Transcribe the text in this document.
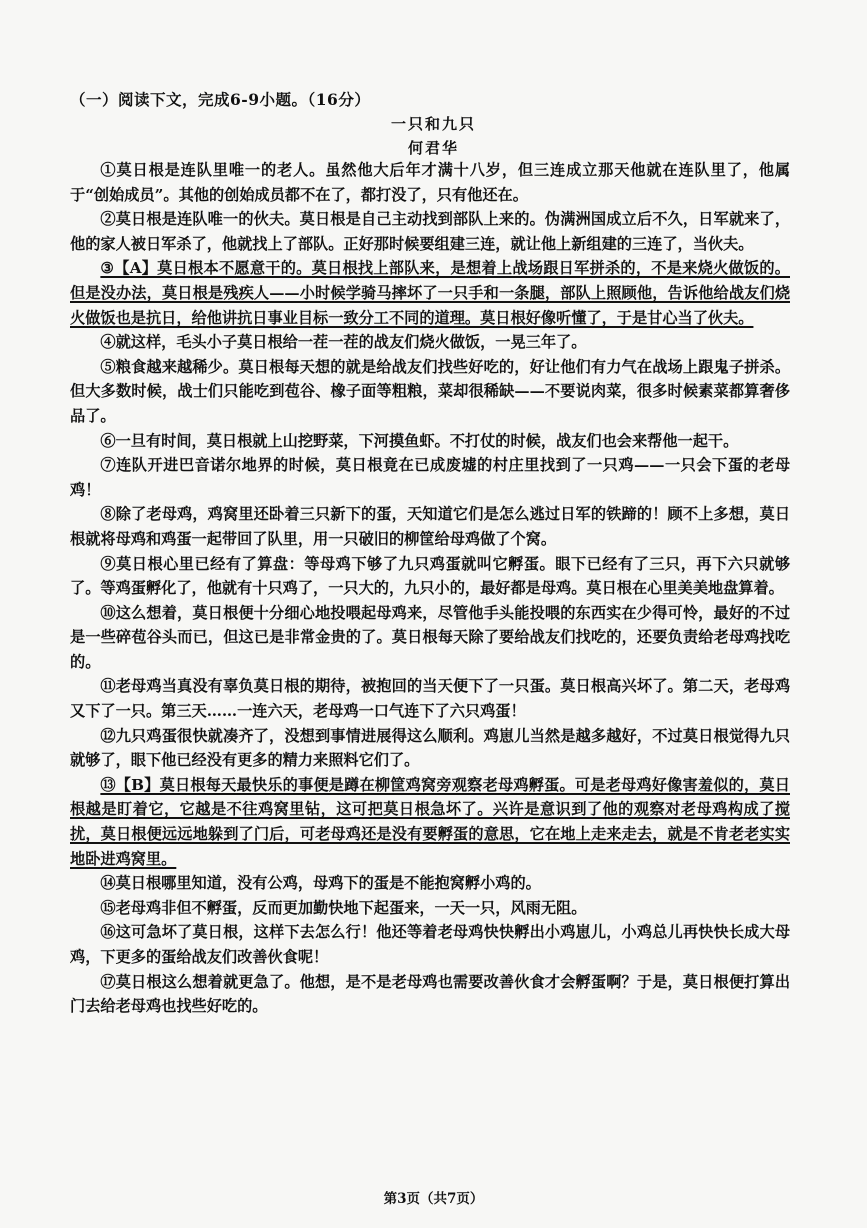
（一）阅读下文，完成6-9小题。（16分）
一只和九只
何君华

①莫日根是连队里唯一的老人。虽然他大后年才满十八岁，但三连成立那天他就在连队里了，他属于“创始成员”。其他的创始成员都不在了，都打没了，只有他还在。

②莫日根是连队唯一的伙夫。莫日根是自己主动找到部队上来的。伪满洲国成立后不久，日军就来了，他的家人被日军杀了，他就找上了部队。正好那时候要组建三连，就让他上新组建的三连了，当伙夫。

③【A】莫日根本不愿意干的。莫日根找上部队来，是想着上战场跟日军拼杀的，不是来烧火做饭的。但是没办法，莫日根是残疾人——小时候学骑马摔坏了一只手和一条腿，部队上照顾他，告诉他给战友们烧火做饭也是抗日，给他讲抗日事业目标一致分工不同的道理。莫日根好像听懂了，于是甘心当了伙夫。

④就这样，毛头小子莫日根给一茬一茬的战友们烧火做饭，一晃三年了。

⑤粮食越来越稀少。莫日根每天想的就是给战友们找些好吃的，好让他们有力气在战场上跟鬼子拼杀。但大多数时候，战士们只能吃到苞谷、橡子面等粗粮，菜却很稀缺——不要说肉菜，很多时候素菜都算奢侈品了。

⑥一旦有时间，莫日根就上山挖野菜，下河摸鱼虾。不打仗的时候，战友们也会来帮他一起干。

⑦连队开进巴音诺尔地界的时候，莫日根竟在已成废墟的村庄里找到了一只鸡——一只会下蛋的老母鸡！

⑧除了老母鸡，鸡窝里还卧着三只新下的蛋，天知道它们是怎么逃过日军的铁蹄的！顾不上多想，莫日根就将母鸡和鸡蛋一起带回了队里，用一只破旧的柳筐给母鸡做了个窝。

⑨莫日根心里已经有了算盘：等母鸡下够了九只鸡蛋就叫它孵蛋。眼下已经有了三只，再下六只就够了。等鸡蛋孵化了，他就有十只鸡了，一只大的，九只小的，最好都是母鸡。莫日根在心里美美地盘算着。

⑩这么想着，莫日根便十分细心地投喂起母鸡来，尽管他手头能投喂的东西实在少得可怜，最好的不过是一些碎苞谷头而已，但这已是非常金贵的了。莫日根每天除了要给战友们找吃的，还要负责给老母鸡找吃的。

⑪老母鸡当真没有辜负莫日根的期待，被抱回的当天便下了一只蛋。莫日根高兴坏了。第二天，老母鸡又下了一只。第三天……一连六天，老母鸡一口气连下了六只鸡蛋！

⑫九只鸡蛋很快就凑齐了，没想到事情进展得这么顺利。鸡崽儿当然是越多越好，不过莫日根觉得九只就够了，眼下他已经没有更多的精力来照料它们了。

⑬【B】莫日根每天最快乐的事便是蹲在柳筐鸡窝旁观察老母鸡孵蛋。可是老母鸡好像害羞似的，莫日根越是盯着它，它越是不往鸡窝里钻，这可把莫日根急坏了。兴许是意识到了他的观察对老母鸡构成了搅扰，莫日根便远远地躲到了门后，可老母鸡还是没有要孵蛋的意思，它在地上走来走去，就是不肯老老实实地卧进鸡窝里。

⑭莫日根哪里知道，没有公鸡，母鸡下的蛋是不能抱窝孵小鸡的。

⑮老母鸡非但不孵蛋，反而更加勤快地下起蛋来，一天一只，风雨无阻。

⑯这可急坏了莫日根，这样下去怎么行！他还等着老母鸡快快孵出小鸡崽儿，小鸡总儿再快快长成大母鸡，下更多的蛋给战友们改善伙食呢！

⑰莫日根这么想着就更急了。他想，是不是老母鸡也需要改善伙食才会孵蛋啊？于是，莫日根便打算出门去给老母鸡也找些好吃的。

第3页（共7页）
